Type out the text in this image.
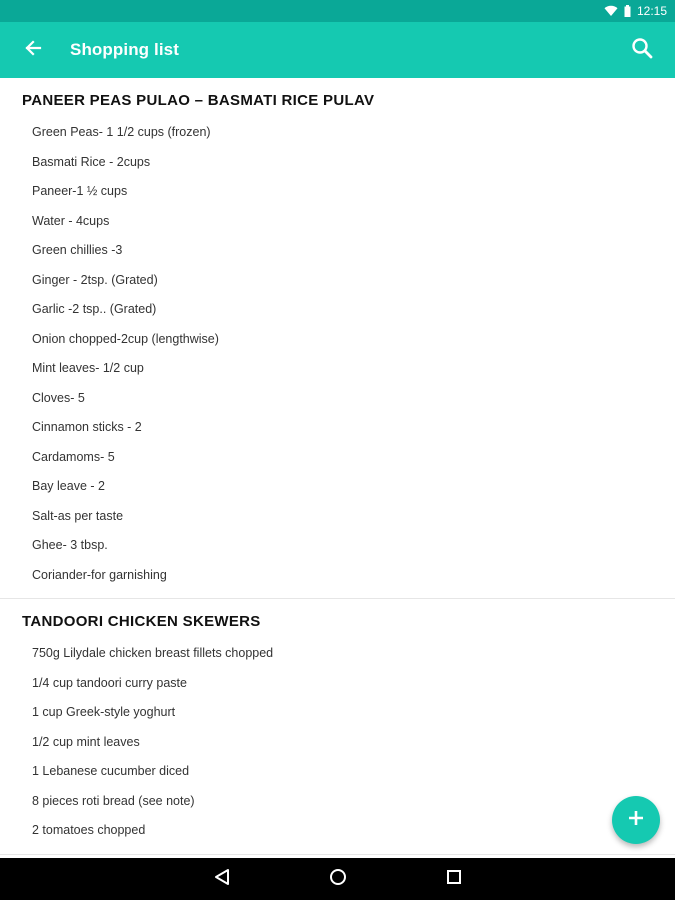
12:15
Shopping list
PANEER PEAS PULAO – BASMATI RICE PULAV
Green Peas- 1 1/2 cups (frozen)
Basmati Rice - 2cups
Paneer-1 ½ cups
Water - 4cups
Green chillies -3
Ginger - 2tsp. (Grated)
Garlic -2 tsp.. (Grated)
Onion chopped-2cup (lengthwise)
Mint leaves- 1/2 cup
Cloves- 5
Cinnamon sticks - 2
Cardamoms- 5
Bay leave - 2
Salt-as per taste
Ghee- 3 tbsp.
Coriander-for garnishing
TANDOORI CHICKEN SKEWERS
750g Lilydale chicken breast fillets chopped
1/4 cup tandoori curry paste
1 cup Greek-style yoghurt
1/2 cup mint leaves
1 Lebanese cucumber diced
8 pieces roti bread (see note)
2 tomatoes chopped
